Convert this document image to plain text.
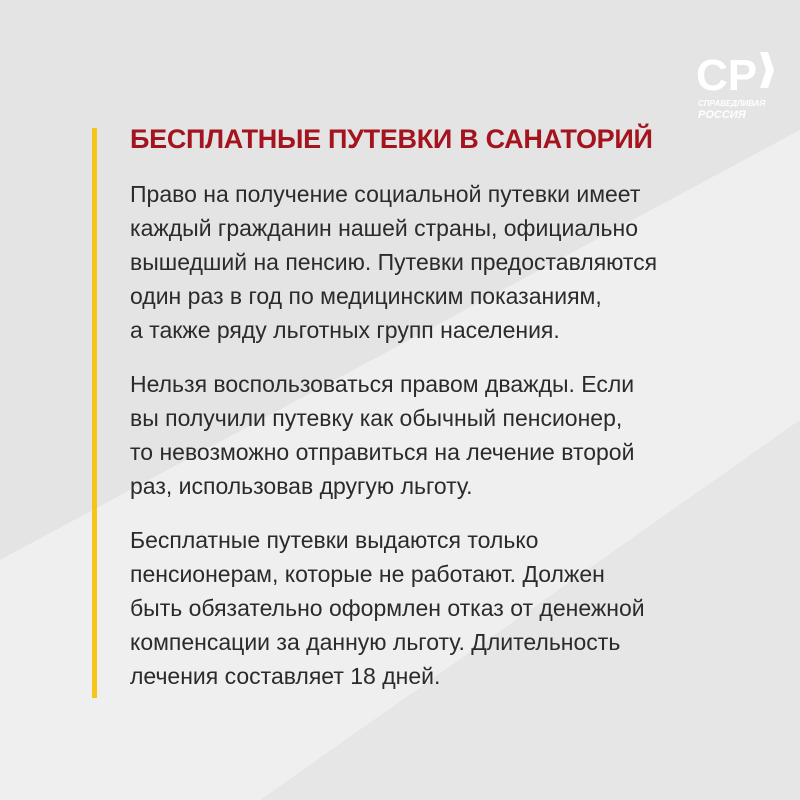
СР
СПРАВЕДЛИВАЯ
РОССИЯ
БЕСПЛАТНЫЕ ПУТЕВКИ В САНАТОРИЙ

Право на получение социальной путевки имеет
каждый гражданин нашей страны, официально
вышедший на пенсию. Путевки предоставляются
один раз в год по медицинским показаниям,
а также ряду льготных групп населения.

Нельзя воспользоваться правом дважды. Если
вы получили путевку как обычный пенсионер,
то невозможно отправиться на лечение второй
раз, использовав другую льготу.

Бесплатные путевки выдаются только
пенсионерам, которые не работают. Должен
быть обязательно оформлен отказ от денежной
компенсации за данную льготу. Длительность
лечения составляет 18 дней.
